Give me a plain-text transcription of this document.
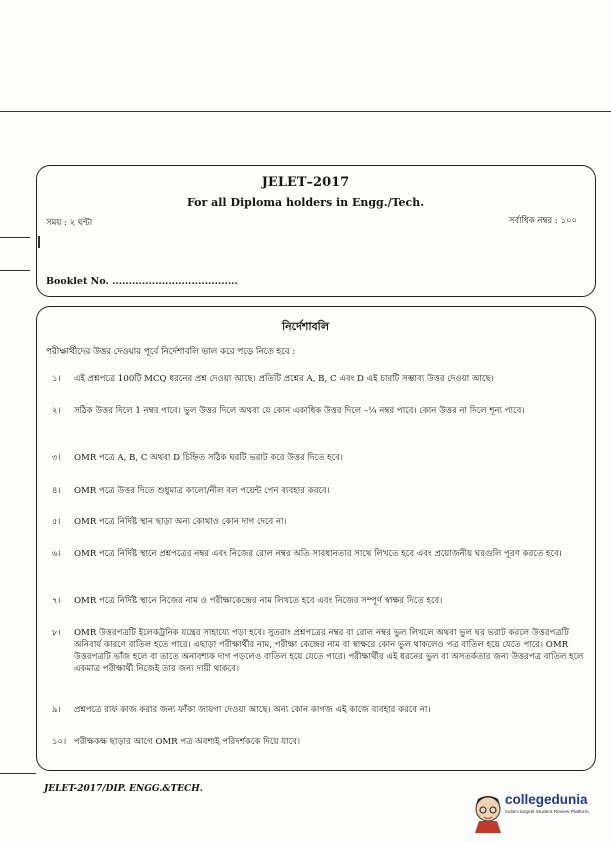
JELET–2017
For all Diploma holders in Engg./Tech.
সময় : ২ ঘন্টা	সর্বাধিক নম্বর : ১০০
Booklet No. ......................................
নির্দেশাবলি
পরীক্ষার্থীদের উত্তর দেওয়ার পূর্বে নির্দেশাবলি ভাল করে পড়ে নিতে হবে :
১।	এই প্রশ্নপত্রে 100টি MCQ ধরনের প্রশ্ন দেওয়া আছে। প্রতিটি প্রশ্নের A, B, C এবং D এই চারটি সম্ভাব্য উত্তর দেওয়া আছে।
২।	সঠিক উত্তর দিলে 1 নম্বর পাবে। ভুল উত্তর দিলে অথবা যে কোন একাধিক উত্তর দিলে –¼ নম্বর পাবে। কোন উত্তর না দিলে শূন্য পাবে।
৩।	OMR পত্রে A, B, C অথবা D চিহ্নিত সঠিক ঘরটি ভরাট করে উত্তর দিতে হবে।
৪।	OMR পত্রে উত্তর দিতে শুধুমাত্র কালো/নীল বল পয়েন্ট পেন ব্যবহার করবে।
৫।	OMR পত্রে নির্দিষ্ট স্থান ছাড়া অন্য কোথাও কোন দাগ দেবে না।
৬।	OMR পত্রে নির্দিষ্ট স্থানে প্রশ্নপত্রের নম্বর এবং নিজের রোল নম্বর অতি সাবধানতার সাথে লিখতে হবে এবং প্রয়োজনীয় ঘরগুলি পূরণ করতে হবে।
৭।	OMR পত্রে নির্দিষ্ট স্থানে নিজের নাম ও পরীক্ষাকেন্দ্রের নাম লিখতে হবে এবং নিজের সম্পূর্ণ স্বাক্ষর দিতে হবে।
৮।	OMR উত্তরপত্রটি ইলেকট্রনিক যন্ত্রের সাহায্যে পড়া হবে। সুতরাং প্রশ্নপত্রের নম্বর বা রোল নম্বর ভুল লিখলে অথবা ভুল ঘর ভরাট করলে উত্তরপত্রটি অনিবার্য কারণে বাতিল হতে পারে। এছাড়া পরীক্ষার্থীর নাম, পরীক্ষা কেন্দ্রের নাম বা স্বাক্ষরে কোন ভুল থাকলেও পত্র বাতিল হয়ে যেতে পারে। OMR উত্তরপত্রটি ভাঁজ হলে বা তাতে অনাবশ্যক দাগ পড়লেও বাতিল হয়ে যেতে পারে। পরীক্ষার্থীর এই ধরনের ভুল বা অসতর্কতার জন্য উত্তরপত্র বাতিল হলে একমাত্র পরীক্ষার্থী নিজেই তার জন্য দায়ী থাকবে।
৯।	প্রশ্নপত্রে রাফ কাজ করার জন্য ফাঁকা জায়গা দেওয়া আছে। অন্য কোন কাগজ এই কাজে ব্যবহার করবে না।
১০। পরীক্ষকক্ষ ছাড়ার আগে OMR পত্র অবশ্যই পরিদর্শককে দিয়ে যাবে।
JELET-2017/DIP. ENGG.&TECH.
collegedunia
India's largest Student Review Platform
